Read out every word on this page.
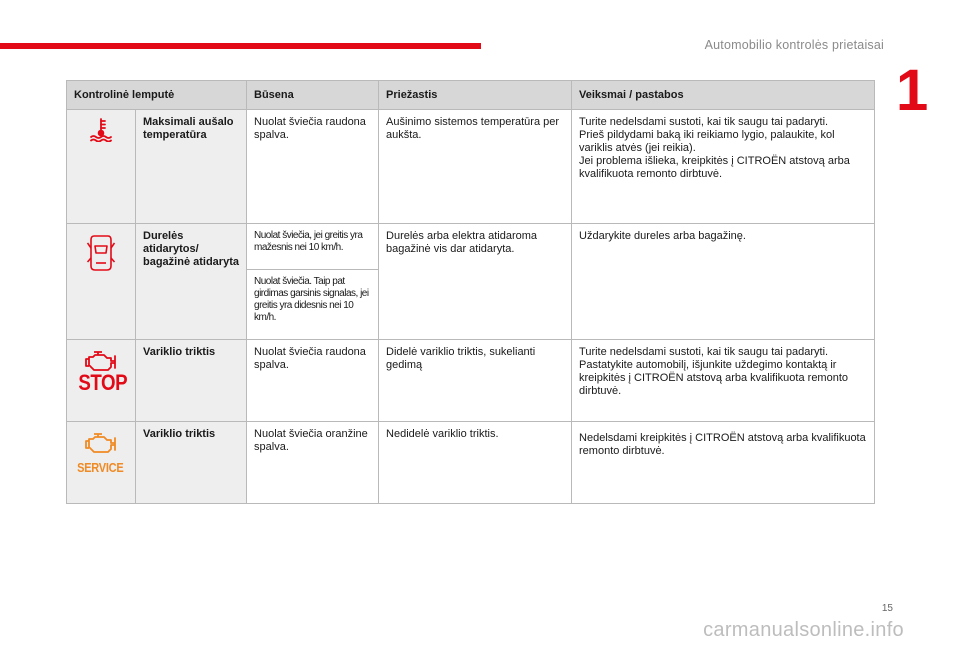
Automobilio kontrolės prietaisai
1
Kontrolinė lemputė		Būsena	Priežastis	Veiksmai / pastabos

	Maksimali aušalo temperatūra	Nuolat šviečia raudona spalva.	Aušinimo sistemos temperatūra per aukšta.	Turite nedelsdami sustoti, kai tik saugu tai padaryti.
Prieš pildydami baką iki reikiamo lygio, palaukite, kol variklis atvės (jei reikia).
Jei problema išlieka, kreipkitės į CITROËN atstovą arba kvalifikuota remonto dirbtuvė.

	Durelės atidarytos/ bagažinė atidaryta	Nuolat šviečia, jei greitis yra mažesnis nei 10 km/h.	Durelės arba elektra atidaroma bagažinė vis dar atidaryta.	Uždarykite dureles arba bagažinę.
		Nuolat šviečia. Taip pat girdimas garsinis signalas, jei greitis yra didesnis nei 10 km/h.		

STOP	Variklio triktis	Nuolat šviečia raudona spalva.	Didelė variklio triktis, sukelianti gedimą	Turite nedelsdami sustoti, kai tik saugu tai padaryti.
Pastatykite automobilį, išjunkite uždegimo kontaktą ir kreipkitės į CITROËN atstovą arba kvalifikuota remonto dirbtuvė.

SERVICE	Variklio triktis	Nuolat šviečia oranžine spalva.	Nedidelė variklio triktis.	Nedelsdami kreipkitės į CITROËN atstovą arba kvalifikuota remonto dirbtuvė.
15
carmanualsonline.info
